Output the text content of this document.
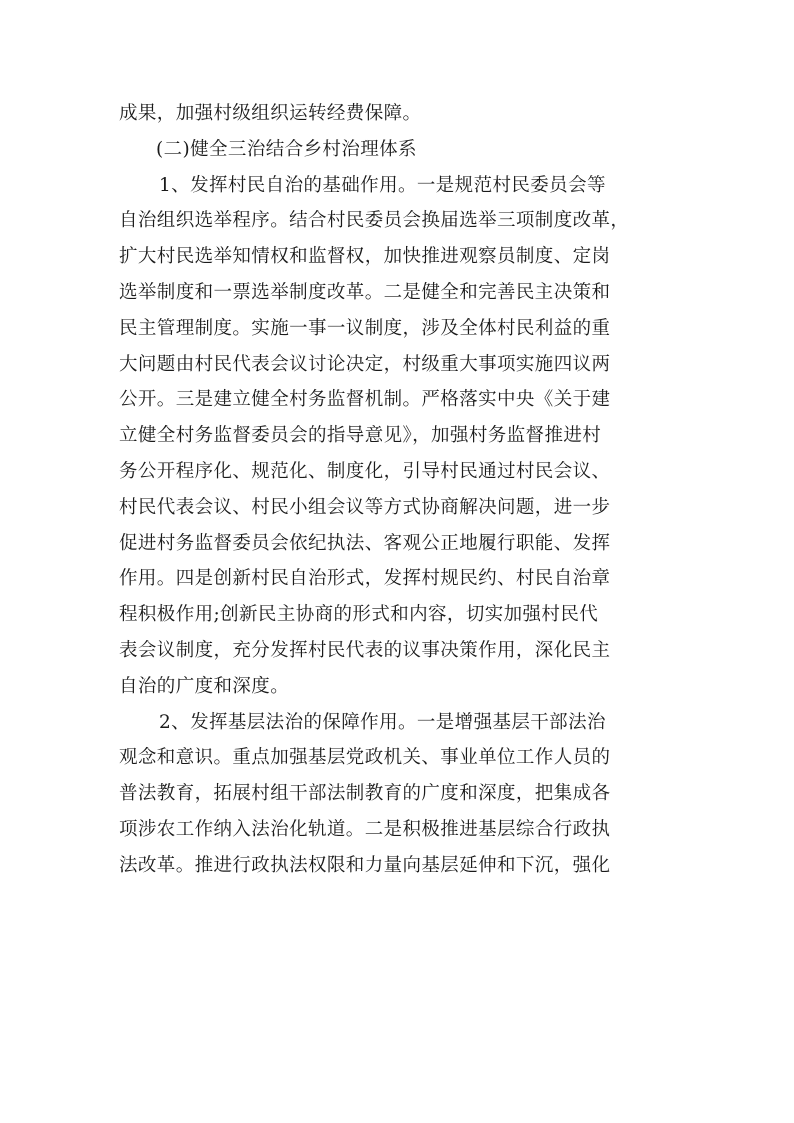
成果，加强村级组织运转经费保障。
(二)健全三治结合乡村治理体系
1、发挥村民自治的基础作用。一是规范村民委员会等
自治组织选举程序。结合村民委员会换届选举三项制度改革，
扩大村民选举知情权和监督权，加快推进观察员制度、定岗
选举制度和一票选举制度改革。二是健全和完善民主决策和
民主管理制度。实施一事一议制度，涉及全体村民利益的重
大问题由村民代表会议讨论决定，村级重大事项实施四议两
公开。三是建立健全村务监督机制。严格落实中央《关于建
立健全村务监督委员会的指导意见》，加强村务监督推进村
务公开程序化、规范化、制度化，引导村民通过村民会议、
村民代表会议、村民小组会议等方式协商解决问题，进一步
促进村务监督委员会依纪执法、客观公正地履行职能、发挥
作用。四是创新村民自治形式，发挥村规民约、村民自治章
程积极作用;创新民主协商的形式和内容，切实加强村民代
表会议制度，充分发挥村民代表的议事决策作用，深化民主
自治的广度和深度。
2、发挥基层法治的保障作用。一是增强基层干部法治
观念和意识。重点加强基层党政机关、事业单位工作人员的
普法教育，拓展村组干部法制教育的广度和深度，把集成各
项涉农工作纳入法治化轨道。二是积极推进基层综合行政执
法改革。推进行政执法权限和力量向基层延伸和下沉，强化
